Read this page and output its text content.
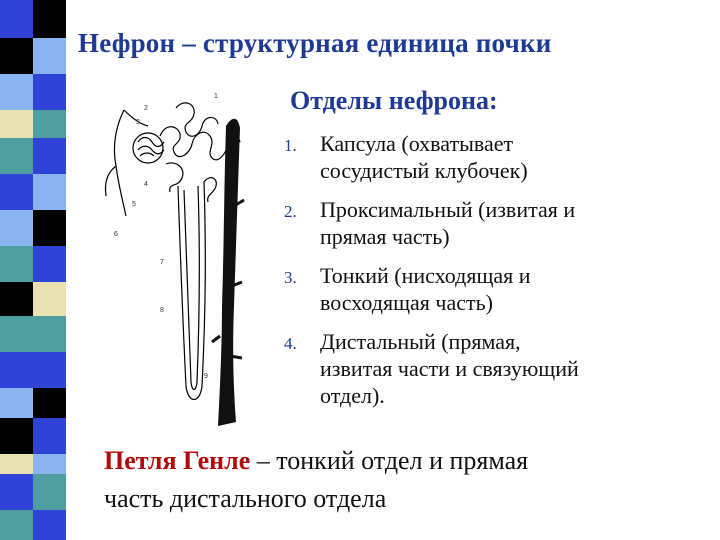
Нефрон – структурная единица почки
1
2
3
4
5
6
7
8
9
Отделы нефрона:
1. Капсула (охватывает
сосудистый клубочек)
2. Проксимальный (извитая и
прямая часть)
3. Тонкий (нисходящая и
восходящая часть)
4. Дистальный (прямая,
извитая части и связующий
отдел).
Петля Генле – тонкий отдел и прямая
часть дистального отдела
